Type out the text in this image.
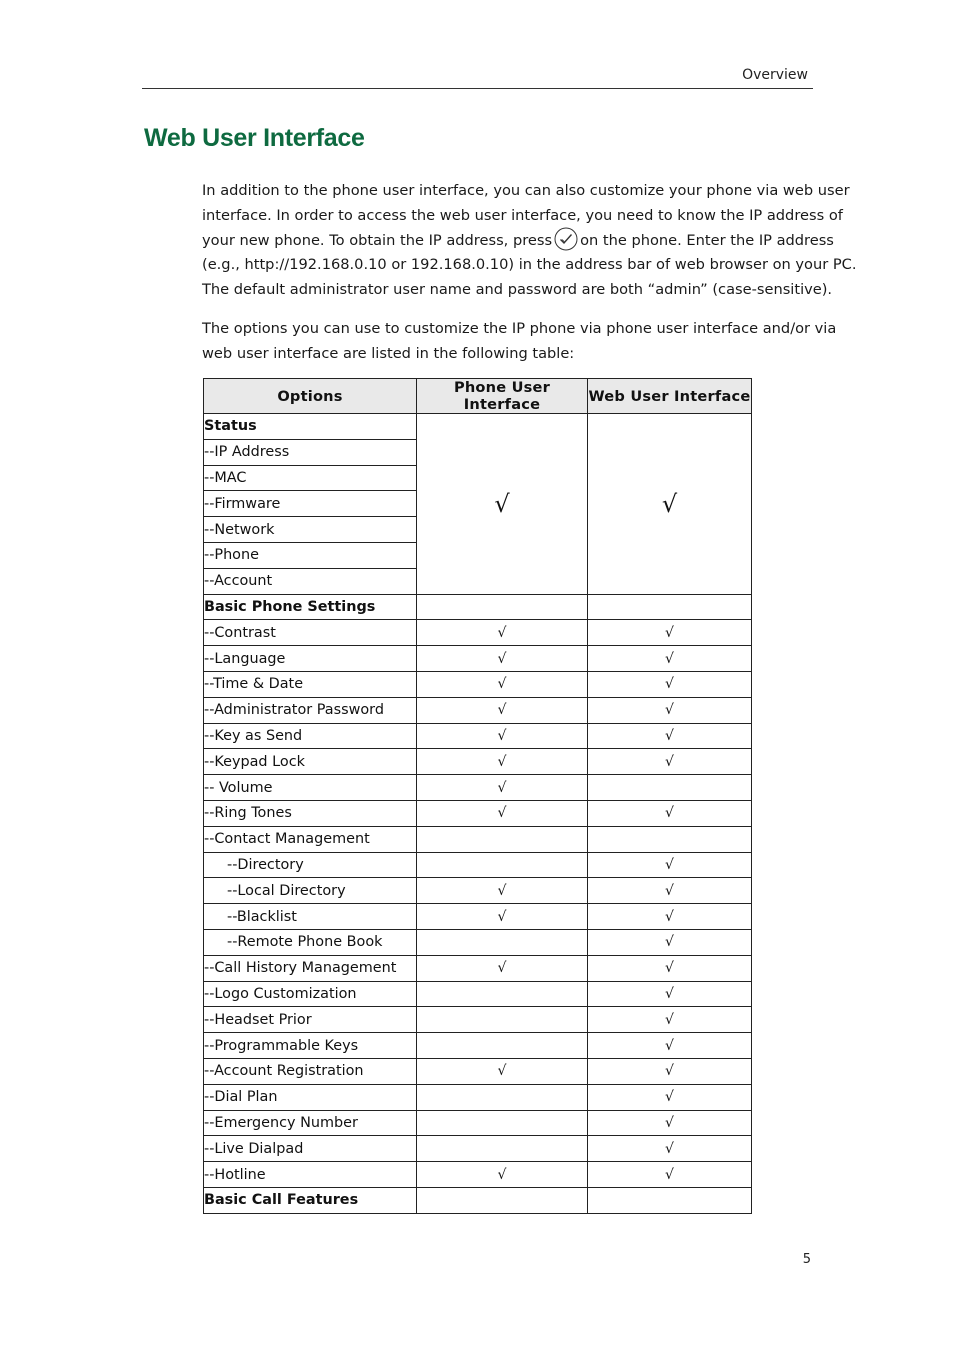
Overview
Web User Interface

In addition to the phone user interface, you can also customize your phone via web user
interface. In order to access the web user interface, you need to know the IP address of
your new phone. To obtain the IP address, press on the phone. Enter the IP address
(e.g., http://192.168.0.10 or 192.168.0.10) in the address bar of web browser on your PC.
The default administrator user name and password are both “admin” (case-sensitive).

The options you can use to customize the IP phone via phone user interface and/or via
web user interface are listed in the following table:

Options	Phone User Interface	Web User Interface
Status	√	√
--IP Address		
--MAC		
--Firmware		
--Network		
--Phone		
--Account		
Basic Phone Settings		
--Contrast	√	√
--Language	√	√
--Time & Date	√	√
--Administrator Password	√	√
--Key as Send	√	√
--Keypad Lock	√	√
-- Volume	√	
--Ring Tones	√	√
--Contact Management		
--Directory		√
--Local Directory	√	√
--Blacklist	√	√
--Remote Phone Book		√
--Call History Management	√	√
--Logo Customization		√
--Headset Prior		√
--Programmable Keys		√
--Account Registration	√	√
--Dial Plan		√
--Emergency Number		√
--Live Dialpad		√
--Hotline	√	√
Basic Call Features		
5
